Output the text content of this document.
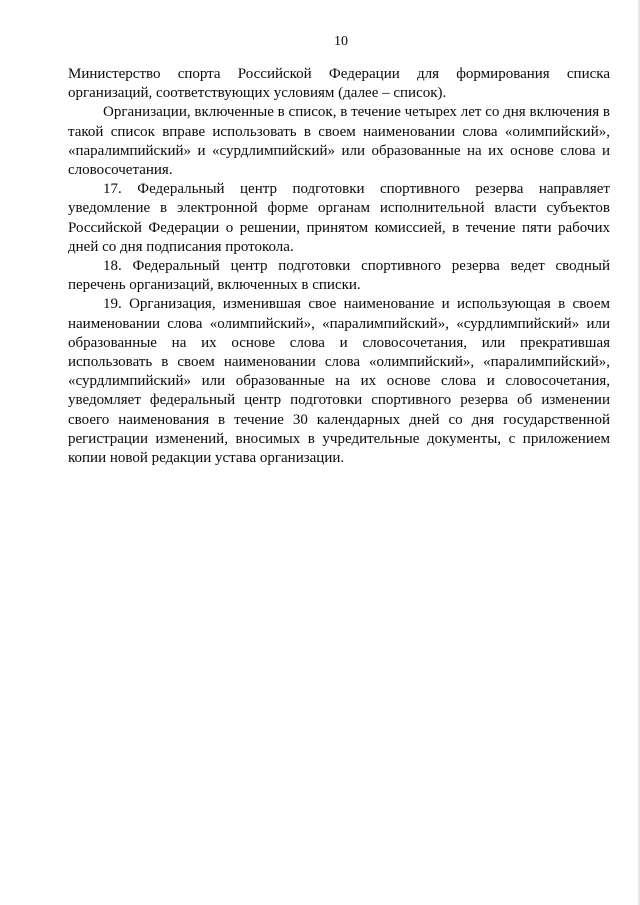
10

Министерство спорта Российской Федерации для формирования списка организаций, соответствующих условиям (далее – список).

Организации, включенные в список, в течение четырех лет со дня включения в такой список вправе использовать в своем наименовании слова «олимпийский», «паралимпийский» и «сурдлимпийский» или образованные на их основе слова и словосочетания.

17. Федеральный центр подготовки спортивного резерва направляет уведомление в электронной форме органам исполнительной власти субъектов Российской Федерации о решении, принятом комиссией, в течение пяти рабочих дней со дня подписания протокола.

18. Федеральный центр подготовки спортивного резерва ведет сводный перечень организаций, включенных в списки.

19. Организация, изменившая свое наименование и использующая в своем наименовании слова «олимпийский», «паралимпийский», «сурдлимпийский» или образованные на их основе слова и словосочетания, или прекратившая использовать в своем наименовании слова «олимпийский», «паралимпийский», «сурдлимпийский» или образованные на их основе слова и словосочетания, уведомляет федеральный центр подготовки спортивного резерва об изменении своего наименования в течение 30 календарных дней со дня государственной регистрации изменений, вносимых в учредительные документы, с приложением копии новой редакции устава организации.
